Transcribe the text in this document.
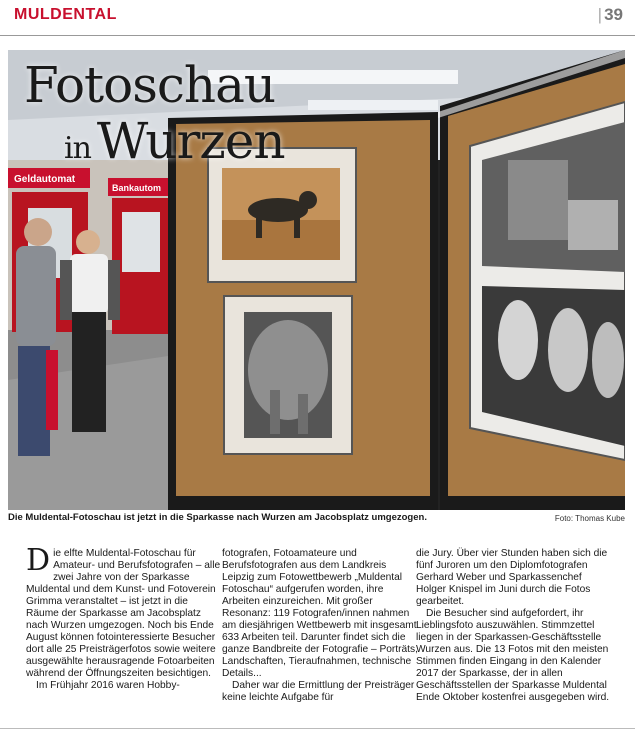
MULDENTAL	| 39
Geldautomat
Bankautom
Fotoschau
in Wurzen
Die Muldental-Fotoschau ist jetzt in die Sparkasse nach Wurzen am Jacobsplatz umgezogen.	Foto: Thomas Kube

Die elfte Muldental-Fotoschau für Amateur- und Berufsfotografen – alle zwei Jahre von der Sparkasse Muldental und dem Kunst- und Fotoverein Grimma veranstaltet – ist jetzt in die Räume der Sparkasse am Jacobsplatz nach Wurzen umgezogen. Noch bis Ende August können fotointeressierte Besucher dort alle 25 Preisträgerfotos sowie weitere ausgewählte herausragende Fotoarbeiten während der Öffnungszeiten besichtigen.

Im Frühjahr 2016 waren Hobby-

fotografen, Fotoamateure und Berufsfotografen aus dem Landkreis Leipzig zum Fotowettbewerb „Muldental Fotoschau“ aufgerufen worden, ihre Arbeiten einzureichen. Mit großer Resonanz: 119 Fotografen/innen nahmen am diesjährigen Wettbewerb mit insgesamt 633 Arbeiten teil. Darunter findet sich die ganze Bandbreite der Fotografie – Porträts, Landschaften, Tieraufnahmen, technische Details...

Daher war die Ermittlung der Preisträger keine leichte Aufgabe für

die Jury. Über vier Stunden haben sich die fünf Juroren um den Diplomfotografen Gerhard Weber und Sparkassenchef Holger Knispel im Juni durch die Fotos gearbeitet.

Die Besucher sind aufgefordert, ihr Lieblingsfoto auszuwählen. Stimmzettel liegen in der Sparkassen-Geschäftsstelle Wurzen aus. Die 13 Fotos mit den meisten Stimmen finden Eingang in den Kalender 2017 der Sparkasse, der in allen Geschäftsstellen der Sparkasse Muldental Ende Oktober kostenfrei ausgegeben wird.
